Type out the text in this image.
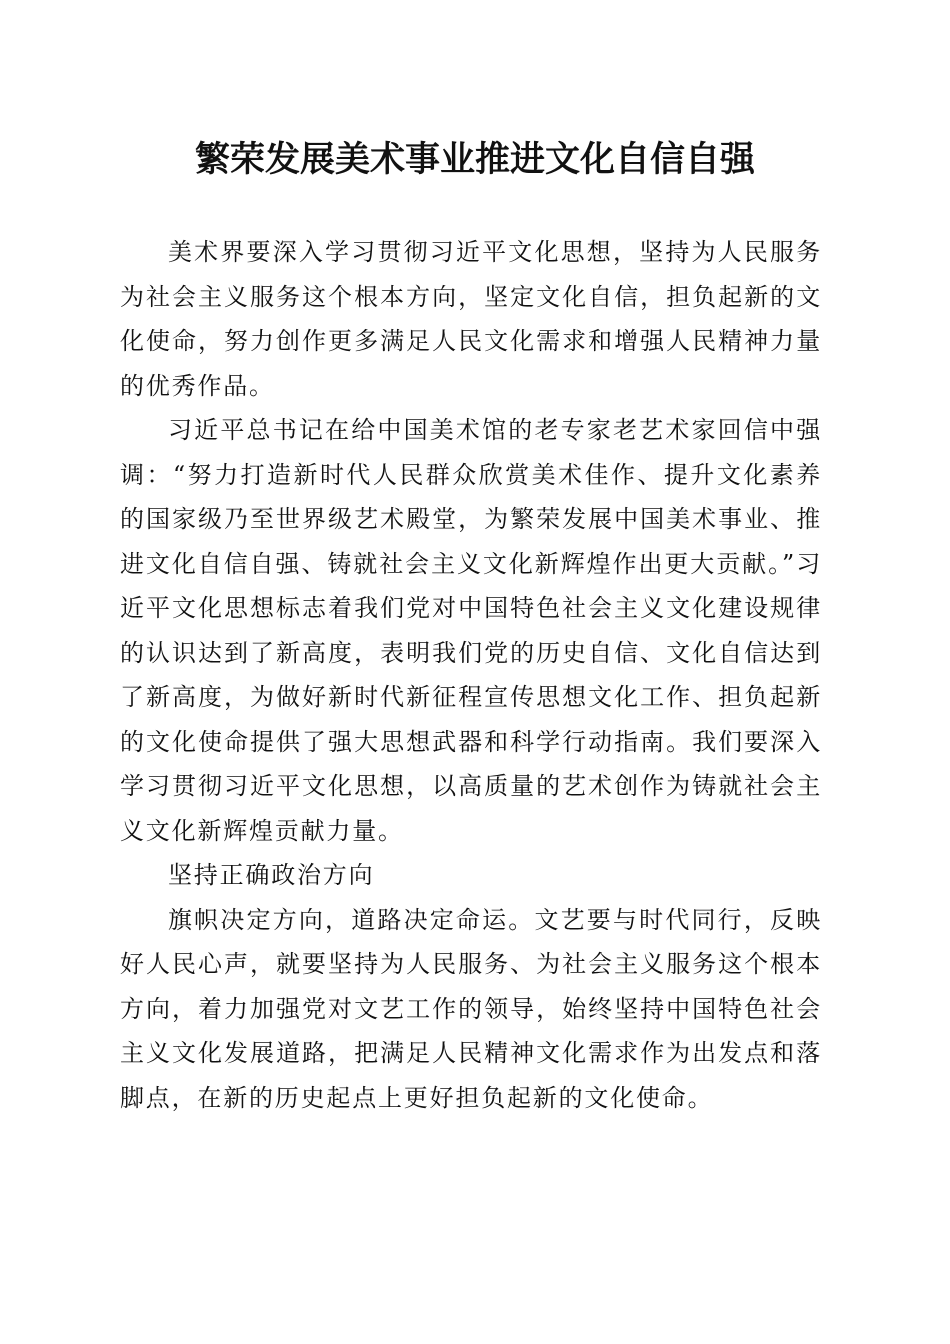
繁荣发展美术事业推进文化自信自强

美术界要深入学习贯彻习近平文化思想，坚持为人民服务为社会主义服务这个根本方向，坚定文化自信，担负起新的文化使命，努力创作更多满足人民文化需求和增强人民精神力量的优秀作品。

习近平总书记在给中国美术馆的老专家老艺术家回信中强调：“努力打造新时代人民群众欣赏美术佳作、提升文化素养的国家级乃至世界级艺术殿堂，为繁荣发展中国美术事业、推进文化自信自强、铸就社会主义文化新辉煌作出更大贡献。”习近平文化思想标志着我们党对中国特色社会主义文化建设规律的认识达到了新高度，表明我们党的历史自信、文化自信达到了新高度，为做好新时代新征程宣传思想文化工作、担负起新的文化使命提供了强大思想武器和科学行动指南。我们要深入学习贯彻习近平文化思想，以高质量的艺术创作为铸就社会主义文化新辉煌贡献力量。

坚持正确政治方向

旗帜决定方向，道路决定命运。文艺要与时代同行，反映好人民心声，就要坚持为人民服务、为社会主义服务这个根本方向，着力加强党对文艺工作的领导，始终坚持中国特色社会主义文化发展道路，把满足人民精神文化需求作为出发点和落脚点，在新的历史起点上更好担负起新的文化使命。
